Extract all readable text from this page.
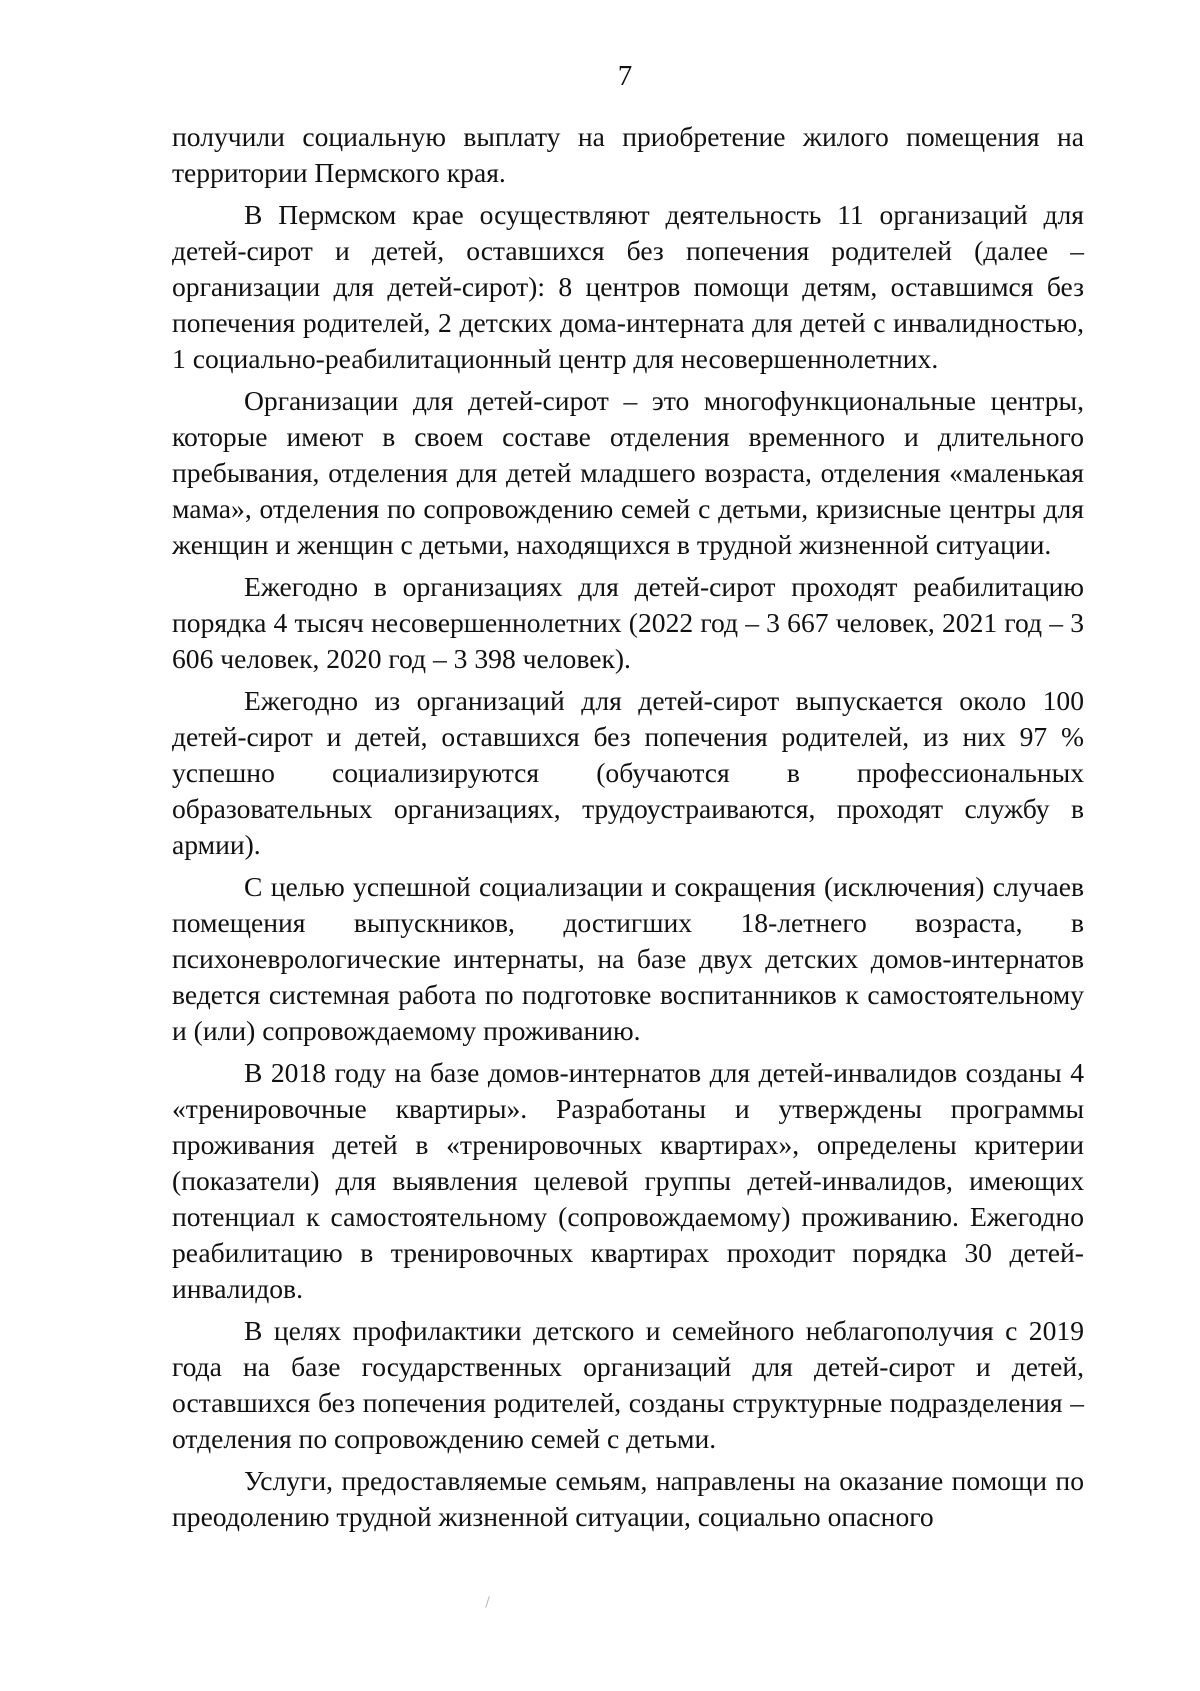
7

получили социальную выплату на приобретение жилого помещения на территории Пермского края.

В Пермском крае осуществляют деятельность 11 организаций для детей-сирот и детей, оставшихся без попечения родителей (далее – организации для детей-сирот): 8 центров помощи детям, оставшимся без попечения родителей, 2 детских дома-интерната для детей с инвалидностью, 1 социально-реабилитационный центр для несовершеннолетних.

Организации для детей-сирот – это многофункциональные центры, которые имеют в своем составе отделения временного и длительного пребывания, отделения для детей младшего возраста, отделения «маленькая мама», отделения по сопровождению семей с детьми, кризисные центры для женщин и женщин с детьми, находящихся в трудной жизненной ситуации.

Ежегодно в организациях для детей-сирот проходят реабилитацию порядка 4 тысяч несовершеннолетних (2022 год – 3 667 человек, 2021 год – 3 606 человек, 2020 год – 3 398 человек).

Ежегодно из организаций для детей-сирот выпускается около 100 детей-сирот и детей, оставшихся без попечения родителей, из них 97 % успешно социализируются (обучаются в профессиональных образовательных организациях, трудоустраиваются, проходят службу в армии).

С целью успешной социализации и сокращения (исключения) случаев помещения выпускников, достигших 18-летнего возраста, в психоневрологические интернаты, на базе двух детских домов-интернатов ведется системная работа по подготовке воспитанников к самостоятельному и (или) сопровождаемому проживанию.

В 2018 году на базе домов-интернатов для детей-инвалидов созданы 4 «тренировочные квартиры». Разработаны и утверждены программы проживания детей в «тренировочных квартирах», определены критерии (показатели) для выявления целевой группы детей-инвалидов, имеющих потенциал к самостоятельному (сопровождаемому) проживанию. Ежегодно реабилитацию в тренировочных квартирах проходит порядка 30 детей-инвалидов.

В целях профилактики детского и семейного неблагополучия с 2019 года на базе государственных организаций для детей-сирот и детей, оставшихся без попечения родителей, созданы структурные подразделения – отделения по сопровождению семей с детьми.

Услуги, предоставляемые семьям, направлены на оказание помощи по преодолению трудной жизненной ситуации, социально опасного
